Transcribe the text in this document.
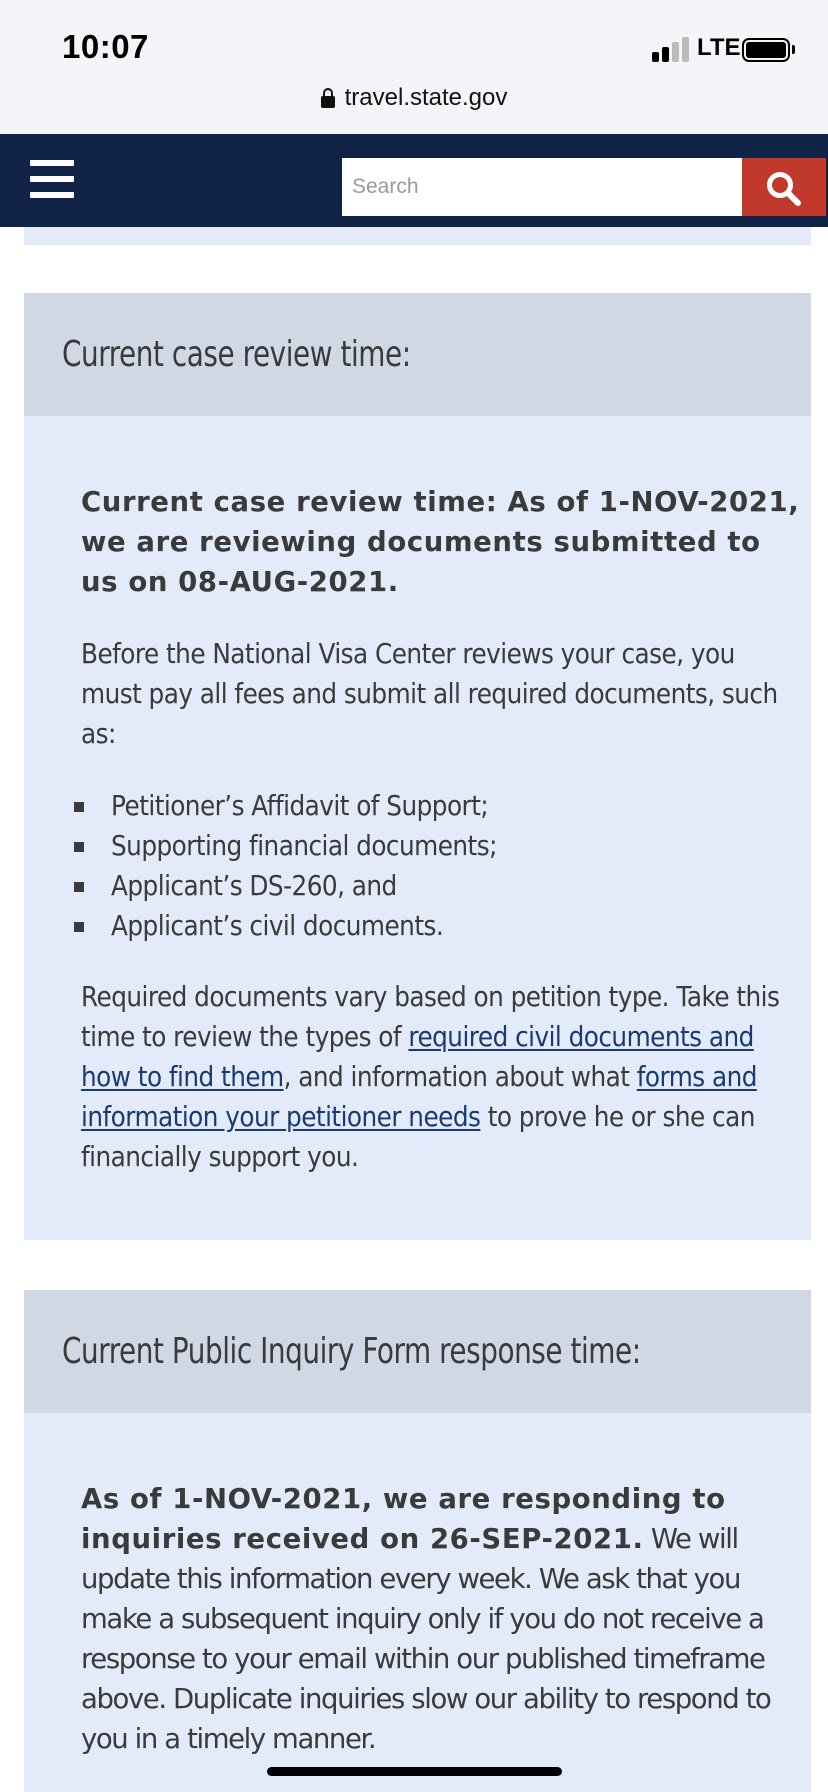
10:07	LTE
travel.state.gov
Search
Current case review time:
Current case review time: As of 1-NOV-2021, we are reviewing documents submitted to us on 08-AUG-2021.
Before the National Visa Center reviews your case, you must pay all fees and submit all required documents, such as:
Petitioner’s Affidavit of Support;
Supporting financial documents;
Applicant’s DS-260, and
Applicant’s civil documents.
Required documents vary based on petition type. Take this time to review the types of required civil documents and how to find them, and information about what forms and information your petitioner needs to prove he or she can financially support you.
Current Public Inquiry Form response time:
As of 1-NOV-2021, we are responding to inquiries received on 26-SEP-2021. We will update this information every week. We ask that you make a subsequent inquiry only if you do not receive a response to your email within our published timeframe above. Duplicate inquiries slow our ability to respond to you in a timely manner.
